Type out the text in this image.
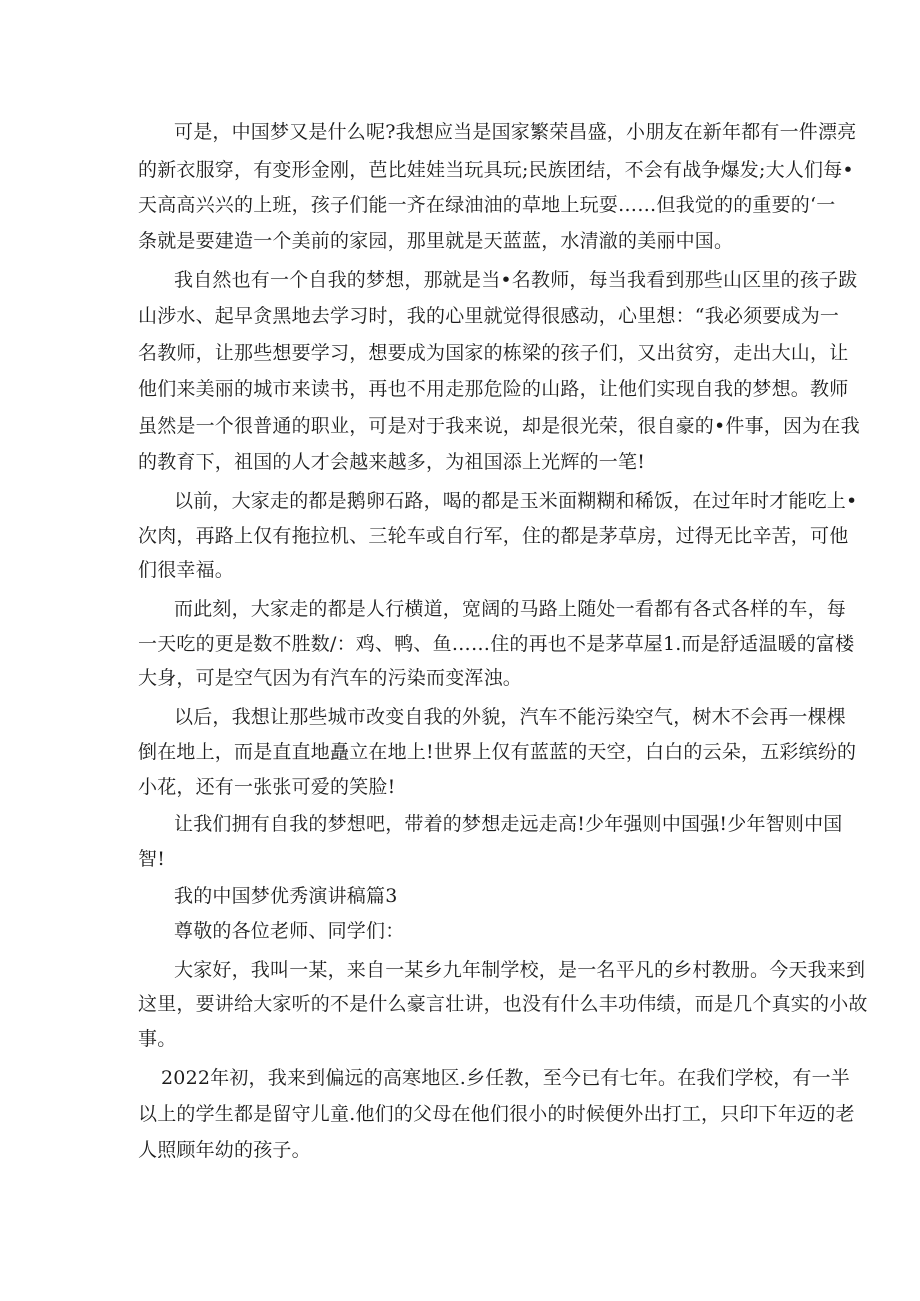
可是，中国梦又是什么呢?我想应当是国家繁荣昌盛，小朋友在新年都有一件漂亮

的新衣服穿，有变形金刚，芭比娃娃当玩具玩;民族团结，不会有战争爆发;大人们每•

天高高兴兴的上班，孩子们能一齐在绿油油的草地上玩耍……但我觉的的重要的‘一

条就是要建造一个美前的家园，那里就是天蓝蓝，水清澈的美丽中国。

我自然也有一个自我的梦想，那就是当•名教师，每当我看到那些山区里的孩子跋

山涉水、起早贪黑地去学习时，我的心里就觉得很感动，心里想：“我必须要成为一

名教师，让那些想要学习，想要成为国家的栋梁的孩子们，又出贫穷，走出大山，让

他们来美丽的城市来读书，再也不用走那危险的山路，让他们实现自我的梦想。教师

虽然是一个很普通的职业，可是对于我来说，却是很光荣，很自豪的•件事，因为在我

的教育下，祖国的人才会越来越多，为祖国添上光辉的一笔!

以前，大家走的都是鹅卵石路，喝的都是玉米面糊糊和稀饭，在过年时才能吃上•

次肉，再路上仅有拖拉机、三轮车或自行军，住的都是茅草房，过得无比辛苦，可他

们很幸福。

而此刻，大家走的都是人行横道，宽阔的马路上随处一看都有各式各样的车，每

一天吃的更是数不胜数/：鸡、鸭、鱼……住的再也不是茅草屋1.而是舒适温暖的富楼

大身，可是空气因为有汽车的污染而变浑浊。

以后，我想让那些城市改变自我的外貌，汽车不能污染空气，树木不会再一棵棵

倒在地上，而是直直地矗立在地上!世界上仅有蓝蓝的天空，白白的云朵，五彩缤纷的

小花，还有一张张可爱的笑脸!

让我们拥有自我的梦想吧，带着的梦想走远走高!少年强则中国强!少年智则中国

智!

我的中国梦优秀演讲稿篇3

尊敬的各位老师、同学们：

大家好，我叫一某，来自一某乡九年制学校，是一名平凡的乡村教册。今天我来到

这里，要讲给大家听的不是什么豪言壮讲，也没有什么丰功伟绩，而是几个真实的小故

事。

2022年初，我来到偏远的高寒地区.乡任教，至今已有七年。在我们学校，有一半

以上的学生都是留守儿童.他们的父母在他们很小的时候便外出打工，只印下年迈的老

人照顾年幼的孩子。
